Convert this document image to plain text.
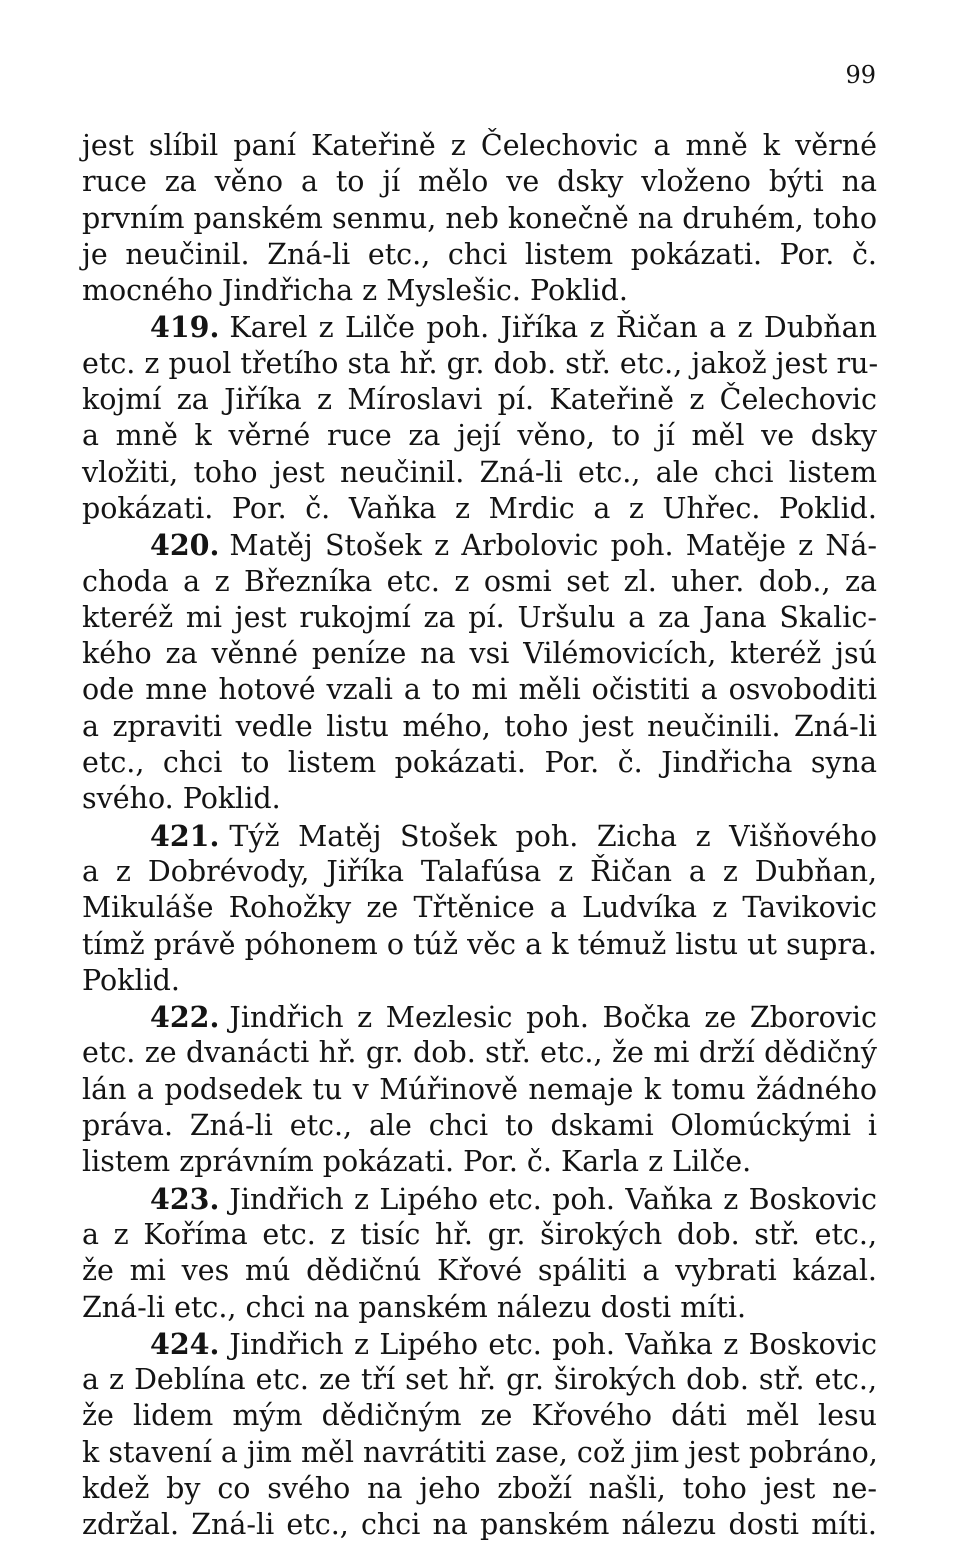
99
jest slíbil paní Kateřině z Čelechovic a mně k věrné
ruce za věno a to jí mělo ve dsky vloženo býti na
prvním panském senmu, neb konečně na druhém, toho
je neučinil. Zná-li etc., chci listem pokázati. Por. č.
mocného Jindřicha z Myslešic. Poklid.
419. Karel z Lilče poh. Jiříka z Řičan a z Dubňan
etc. z puol třetího sta hř. gr. dob. stř. etc., jakož jest ru-
kojmí za Jiříka z Míroslavi pí. Kateřině z Čelechovic
a mně k věrné ruce za její věno, to jí měl ve dsky
vložiti, toho jest neučinil. Zná-li etc., ale chci listem
pokázati. Por. č. Vaňka z Mrdic a z Uhřec. Poklid.
420. Matěj Stošek z Arbolovic poh. Matěje z Ná-
choda a z Březníka etc. z osmi set zl. uher. dob., za
kteréž mi jest rukojmí za pí. Uršulu a za Jana Skalic-
kého za věnné peníze na vsi Vilémovicích, kteréž jsú
ode mne hotové vzali a to mi měli očistiti a osvoboditi
a zpraviti vedle listu mého, toho jest neučinili. Zná-li
etc., chci to listem pokázati. Por. č. Jindřicha syna
svého. Poklid.
421. Týž Matěj Stošek poh. Zicha z Višňového
a z Dobrévody, Jiříka Talafúsa z Řičan a z Dubňan,
Mikuláše Rohožky ze Třtěnice a Ludvíka z Tavikovic
tímž právě póhonem o túž věc a k témuž listu ut supra.
Poklid.
422. Jindřich z Mezlesic poh. Bočka ze Zborovic
etc. ze dvanácti hř. gr. dob. stř. etc., že mi drží dědičný
lán a podsedek tu v Múřinově nemaje k tomu žádného
práva. Zná-li etc., ale chci to dskami Olomúckými i
listem zprávním pokázati. Por. č. Karla z Lilče.
423. Jindřich z Lipého etc. poh. Vaňka z Boskovic
a z Koříma etc. z tisíc hř. gr. širokých dob. stř. etc.,
že mi ves mú dědičnú Křové spáliti a vybrati kázal.
Zná-li etc., chci na panském nálezu dosti míti.
424. Jindřich z Lipého etc. poh. Vaňka z Boskovic
a z Deblína etc. ze tří set hř. gr. širokých dob. stř. etc.,
že lidem mým dědičným ze Křového dáti měl lesu
k stavení a jim měl navrátiti zase, což jim jest pobráno,
kdež by co svého na jeho zboží našli, toho jest ne-
zdržal. Zná-li etc., chci na panském nálezu dosti míti.
